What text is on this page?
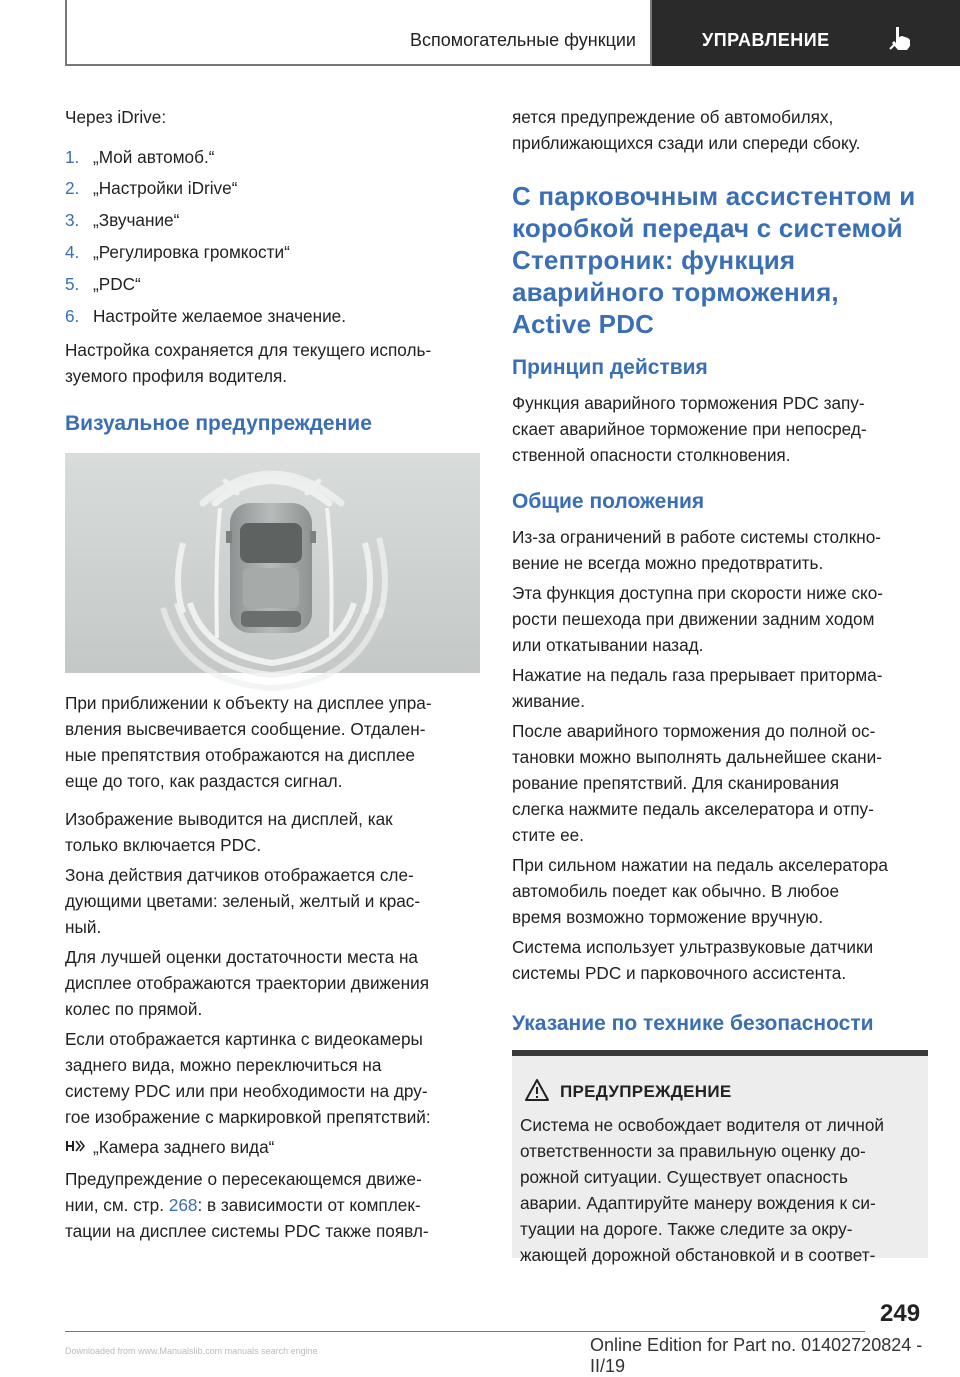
Вспомогательные функции	УПРАВЛЕНИЕ
Через iDrive:
1. „Мой автомоб.“
2. „Настройки iDrive“
3. „Звучание“
4. „Регулировка громкости“
5. „PDC“
6. Настройте желаемое значение.
Настройка сохраняется для текущего исполь-
зуемого профиля водителя.
Визуальное предупреждение
При приближении к объекту на дисплее упра-
вления высвечивается сообщение. Отдален-
ные препятствия отображаются на дисплее
еще до того, как раздастся сигнал.
Изображение выводится на дисплей, как
только включается PDC.
Зона действия датчиков отображается сле-
дующими цветами: зеленый, желтый и крас-
ный.
Для лучшей оценки достаточности места на
дисплее отображаются траектории движения
колес по прямой.
Если отображается картинка с видеокамеры
заднего вида, можно переключиться на
систему PDC или при необходимости на дру-
гое изображение с маркировкой препятствий:
„Камера заднего вида“
Предупреждение о пересекающемся движе-
нии, см. стр. 268: в зависимости от комплек-
тации на дисплее системы PDC также появл-
яется предупреждение об автомобилях,
приближающихся сзади или спереди сбоку.
С парковочным ассистентом и
коробкой передач с системой
Стептроник: функция
аварийного торможения,
Active PDC
Принцип действия
Функция аварийного торможения PDC запу-
скает аварийное торможение при непосред-
ственной опасности столкновения.
Общие положения
Из-за ограничений в работе системы столкно-
вение не всегда можно предотвратить.
Эта функция доступна при скорости ниже ско-
рости пешехода при движении задним ходом
или откатывании назад.
Нажатие на педаль газа прерывает приторма-
живание.
После аварийного торможения до полной ос-
тановки можно выполнять дальнейшее скани-
рование препятствий. Для сканирования
слегка нажмите педаль акселератора и отпу-
стите ее.
При сильном нажатии на педаль акселератора
автомобиль поедет как обычно. В любое
время возможно торможение вручную.
Система использует ультразвуковые датчики
системы PDC и парковочного ассистента.
Указание по технике безопасности
ПРЕДУПРЕЖДЕНИЕ
Система не освобождает водителя от личной
ответственности за правильную оценку до-
рожной ситуации. Существует опасность
аварии. Адаптируйте манеру вождения к си-
туации на дороге. Также следите за окру-
жающей дорожной обстановкой и в соответ-
249
Online Edition for Part no. 01402720824 - II/19
Downloaded from www.Manualslib.com manuals search engine
